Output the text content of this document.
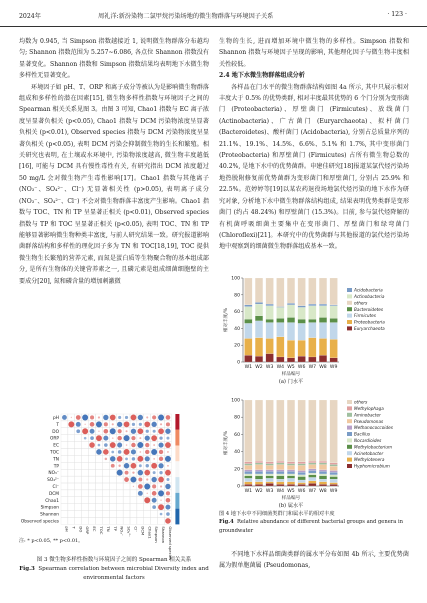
2024年	周礼洋:新汾染物二氯甲烷污染场地的微生物群落与环境因子关系	· 123 ·

均数为 0.945, 当 Simpson 指数越接近 1, 说明微生物群落分布越均匀; Shannon 指数范围为 5.257~6.086, 各点位 Shannon 指数没有显著变化。Shannon 指数和 Simpson 指数结果均表明地下水微生物多样性无显著变化。

环境因子如 pH、T、ORP 和离子成分等被认为是影响微生物群落组成和多样性的潜在因素[15], 微生物多样性指数与环境因子之间的 Spearman 相关关系见图 3。由图 3 可知, Chao1 指数与 EC 离子浓度呈显著负相关 (p<0.05), Chao1 指数与 DCM 污染物浓度呈显著负相关 (p<0.01), Observed species 指数与 DCM 污染物浓度呈显著负相关 (p<0.05), 表明 DCM 污染会抑制微生物的生长和繁殖。相关研究也表明, 在土壤或水环境中, 污染物浓度越高, 微生物丰度越低[16], 可能与 DCM 具有慢性毒性有关, 有研究指出 DCM 浓度超过 50 mg/L 会对微生物产生毒性影响[17]。Chao1 指数与其他离子 (NO₃⁻、SO₄²⁻、Cl⁻) 无显著相关性 (p>0.05), 表明离子成分 (NO₃⁻、SO₄²⁻、Cl⁻) 不会对微生物群落丰富度产生影响。Chao1 指数与 TOC、TN 和 TP 呈显著正相关 (p<0.01), Observed species 指数与 TP 和 TOC 呈显著正相关 (p<0.05), 表明 TOC、TN 和 TP 能够显著影响微生物种类丰富度, 与前人研究结果一致。研究报道影响菌群落结构和多样性的理化因子多为 TN 和 TOC[18,19], TOC 提供微生物生长繁殖的营养元素, 而氮是蛋白质等生物聚合物的基本组成部分, 是所有生物体的关键营养素之一, 且磷元素是组成细菌细胞壁的主要成分[20], 氮和磷含量的增加刺激微

pH
T
DO
ORP
EC
TOC
TN
TP
NO₃⁻
SO₄²⁻
Cl⁻
DCM
Chao1
Simpson
Shannon
Observed species
pH T DO ORP EC TOC TN TP NO₃⁻ SO₄²⁻ Cl⁻ DCM Chao1 Simpson Shannon Observed species
注: * p<0.05, ** p<0.01。
图 3 微生物多样性指数与环境因子之间的 Spearman 相关关系
Fig.3 Spearman correlation between microbial Diversity index and environmental factors

生物的生长, 进而增加环境中微生物的多样性。Simpson 指数和 Shannon 指数与环境因子呈现的影响, 其他理化因子与微生物丰度相关性较低。

2.4 地下水微生物群落组成分析

各样品在门水平的微生物群落结构如图 4a 所示, 其中只展示相对丰度大于 0.5% 的优势类群, 相对丰度最其优势的 6 个门分别为变形菌门 (Proteobacteria)、厚壁菌门 (Firmicutes)、放线菌门 (Actinobacteria)、广古菌门 (Euryarchaeota)、拟杆菌门 (Bacteroidetes)、酸杆菌门 (Acidobacteria), 分别占总质量序列的 21.1%、19.1%、14.5%、6.6%、5.1% 和 1.7%, 其中变形菌门 (Proteobacteria) 和厚壁菌门 (Firmicutes) 占所有微生物总数的 40.2%, 是地下水中的优势菌群。申建佳研究[18]报道某氯代烃污染场地热脱附修复前优势菌群为变形菌门和厚壁菌门, 分别占 25.9% 和 22.5%。范婷婷等[19]以某农药退役场地氯代烃污染的地下水作为研究对象, 分析地下水中微生物群落结构组成, 结果表明优势类群是变形菌门 (约占 48.24%) 和厚壁菌门 (15.3%)。目前, 参与氯代烃降解的有机菌呼吸细菌主要集中在变形菌门、厚壁菌门和绿弯菌门 (Chloroflexi)[21]。本研究中的优势菌群与其他报道的氯代烃污染场地中观察到的细菌微生物群落组成基本一致。

0
20
40
60
80
100
相对丰度/%
W1 W2 W3 W4 W5 W6 W7 W8 W9
样品编号
(a) 门水平
Acidobacteria
Actinobacteria
others
Bacteroidetes
Firmicutes
Proteobacteria
Euryarchaeota
0
20
40
60
80
100
相对丰度/%
W1 W2 W3 W4 W5 W6 W7 W8 W9
样品编号
(b) 属水平
others
Methylophaga
Aminobacter
Pseudomonas
Methanococcoides
Bacillus
Nocardioides
Methylobacterium
Acinetobacter
Methylotenera
Hyphomicrobium
图 4 地下水中不同细菌类群门和属水平的相对丰度
Fig.4 Relative abundance of different bacterial groups and genera in groundwater

不同地下水样品细菌类群的属水平分布如图 4b 所示, 主要优势菌属为假单胞菌属 (Pseudomonas,
